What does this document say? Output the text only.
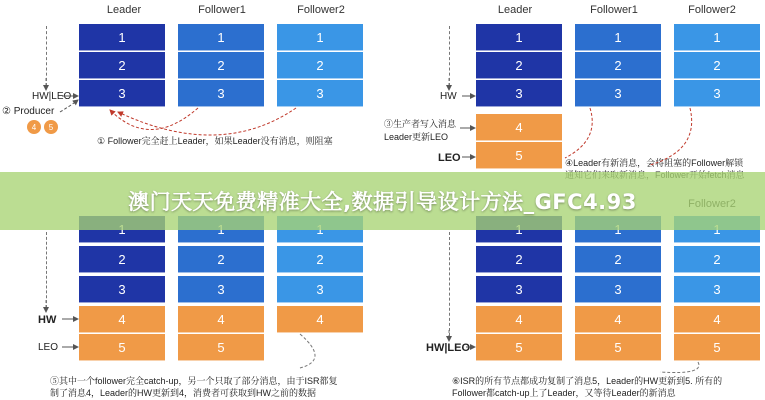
Leader	Follower1	Follower2
1
2
3
1
2
3
1
2
3
HW|LEO
② Producer
4	5
① Follower完全赶上Leader，如果Leader没有消息，则阻塞
Leader	Follower1	Follower2
1
2
3
4
5
1
2
3
1
2
3
HW
③生产者写入消息
Leader更新LEO
LEO	④Leader有新消息，会将阻塞的Follower解锁
2
3
4
5
2
3
4
5
2
3
4
HW
LEO
⑤其中一个follower完全catch-up，另一个只取了部分消息，由于ISR都复
制了消息4，Leader的HW更新到4，消费者可获取到HW之前的数据
2
3
4
5
2
3
4
5
2
3
4
5
HW|LEO
⑥ISR的所有节点都成功复制了消息5，Leader的HW更新到5. 所有的
Follower都catch-up上了Leader，又等待Leader的新消息
澳门天天免费精准大全,数据引导设计方法_GFC4.93
